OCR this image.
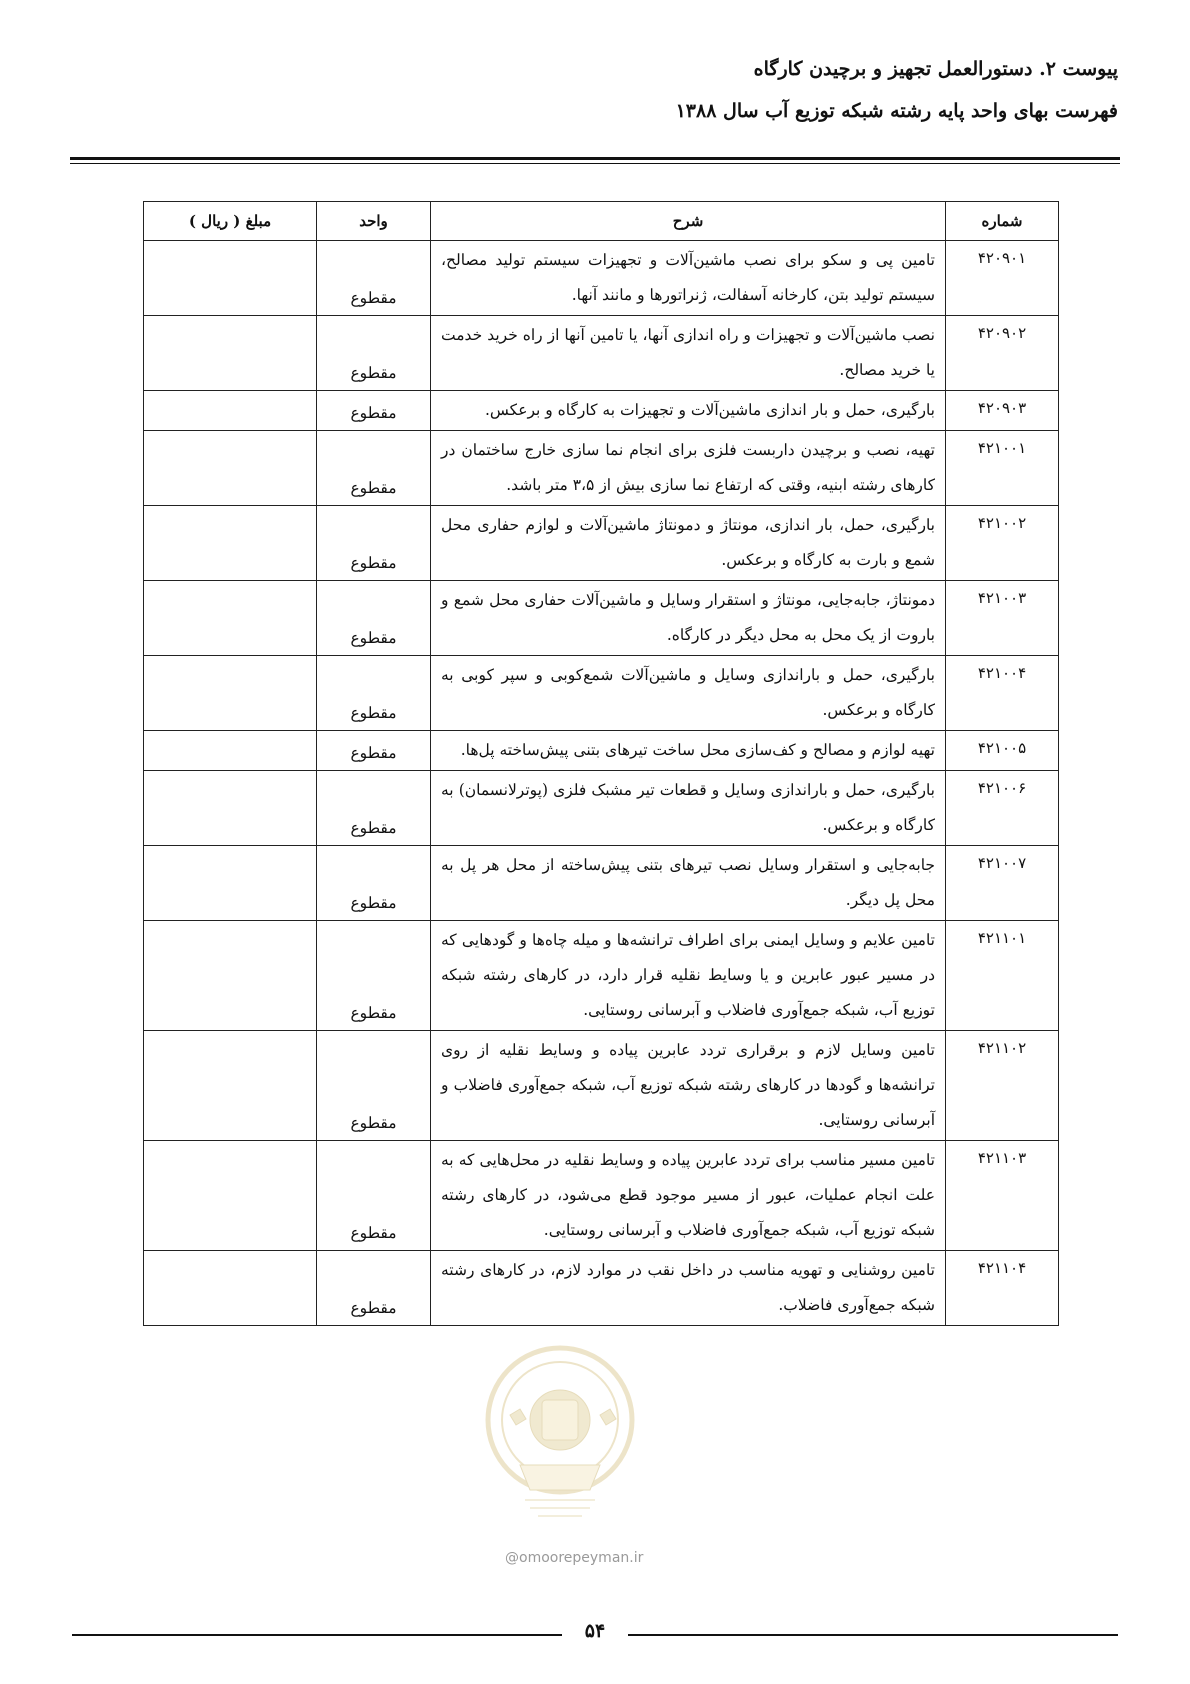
پیوست ۲. دستورالعمل تجهیز و برچیدن کارگاه
فهرست بهای واحد پایه رشته شبکه توزیع آب سال ۱۳۸۸
شماره	شرح	واحد	مبلغ ( ریال )
۴۲۰۹۰۱	تامین پی و سکو برای نصب ماشین‌آلات و تجهیزات سیستم تولید مصالح، سیستم تولید بتن، کارخانه آسفالت، ژنراتورها و مانند آنها.	مقطوع	
۴۲۰۹۰۲	نصب ماشین‌آلات و تجهیزات و راه اندازی آنها، یا تامین آنها از راه خرید خدمت یا خرید مصالح.	مقطوع	
۴۲۰۹۰۳	بارگیری، حمل و بار اندازی ماشین‌آلات و تجهیزات به کارگاه و برعکس.	مقطوع	
۴۲۱۰۰۱	تهیه، نصب و برچیدن داربست فلزی برای انجام نما سازی خارج ساختمان در کارهای رشته ابنیه، وقتی که ارتفاع نما سازی بیش از ۳،۵ متر باشد.	مقطوع	
۴۲۱۰۰۲	بارگیری، حمل، بار اندازی، مونتاژ و دمونتاژ ماشین‌آلات و لوازم حفاری محل شمع و بارت به کارگاه و برعکس.	مقطوع	
۴۲۱۰۰۳	دمونتاژ، جابه‌جایی، مونتاژ و استقرار وسایل و ماشین‌آلات حفاری محل شمع و باروت از یک محل به محل دیگر در کارگاه.	مقطوع	
۴۲۱۰۰۴	بارگیری، حمل و باراندازی وسایل و ماشین‌آلات شمع‌کوبی و سپر کوبی به کارگاه و برعکس.	مقطوع	
۴۲۱۰۰۵	تهیه لوازم و مصالح و کف‌سازی محل ساخت تیرهای بتنی پیش‌ساخته پل‌ها.	مقطوع	
۴۲۱۰۰۶	بارگیری، حمل و باراندازی وسایل و قطعات تیر مشبک فلزی (پوترلانسمان) به کارگاه و برعکس.	مقطوع	
۴۲۱۰۰۷	جابه‌جایی و استقرار وسایل نصب تیرهای بتنی پیش‌ساخته از محل هر پل به محل پل دیگر.	مقطوع	
۴۲۱۱۰۱	تامین علایم و وسایل ایمنی برای اطراف ترانشه‌ها و میله چاه‌ها و گودهایی که در مسیر عبور عابرین و یا وسایط نقلیه قرار دارد، در کارهای رشته شبکه توزیع آب، شبکه جمع‌آوری فاضلاب و آبرسانی روستایی.	مقطوع	
۴۲۱۱۰۲	تامین وسایل لازم و برقراری تردد عابرین پیاده و وسایط نقلیه از روی ترانشه‌ها و گودها در کارهای رشته شبکه توزیع آب، شبکه جمع‌آوری فاضلاب و آبرسانی روستایی.	مقطوع	
۴۲۱۱۰۳	تامین مسیر مناسب برای تردد عابرین پیاده و وسایط نقلیه در محل‌هایی که به علت انجام عملیات، عبور از مسیر موجود قطع می‌شود، در کارهای رشته شبکه توزیع آب، شبکه جمع‌آوری فاضلاب و آبرسانی روستایی.	مقطوع	
۴۲۱۱۰۴	تامین روشنایی و تهویه مناسب در داخل نقب در موارد لازم، در کارهای رشته شبکه جمع‌آوری فاضلاب.	مقطوع	
@omoorepeyman.ir
۵۴
